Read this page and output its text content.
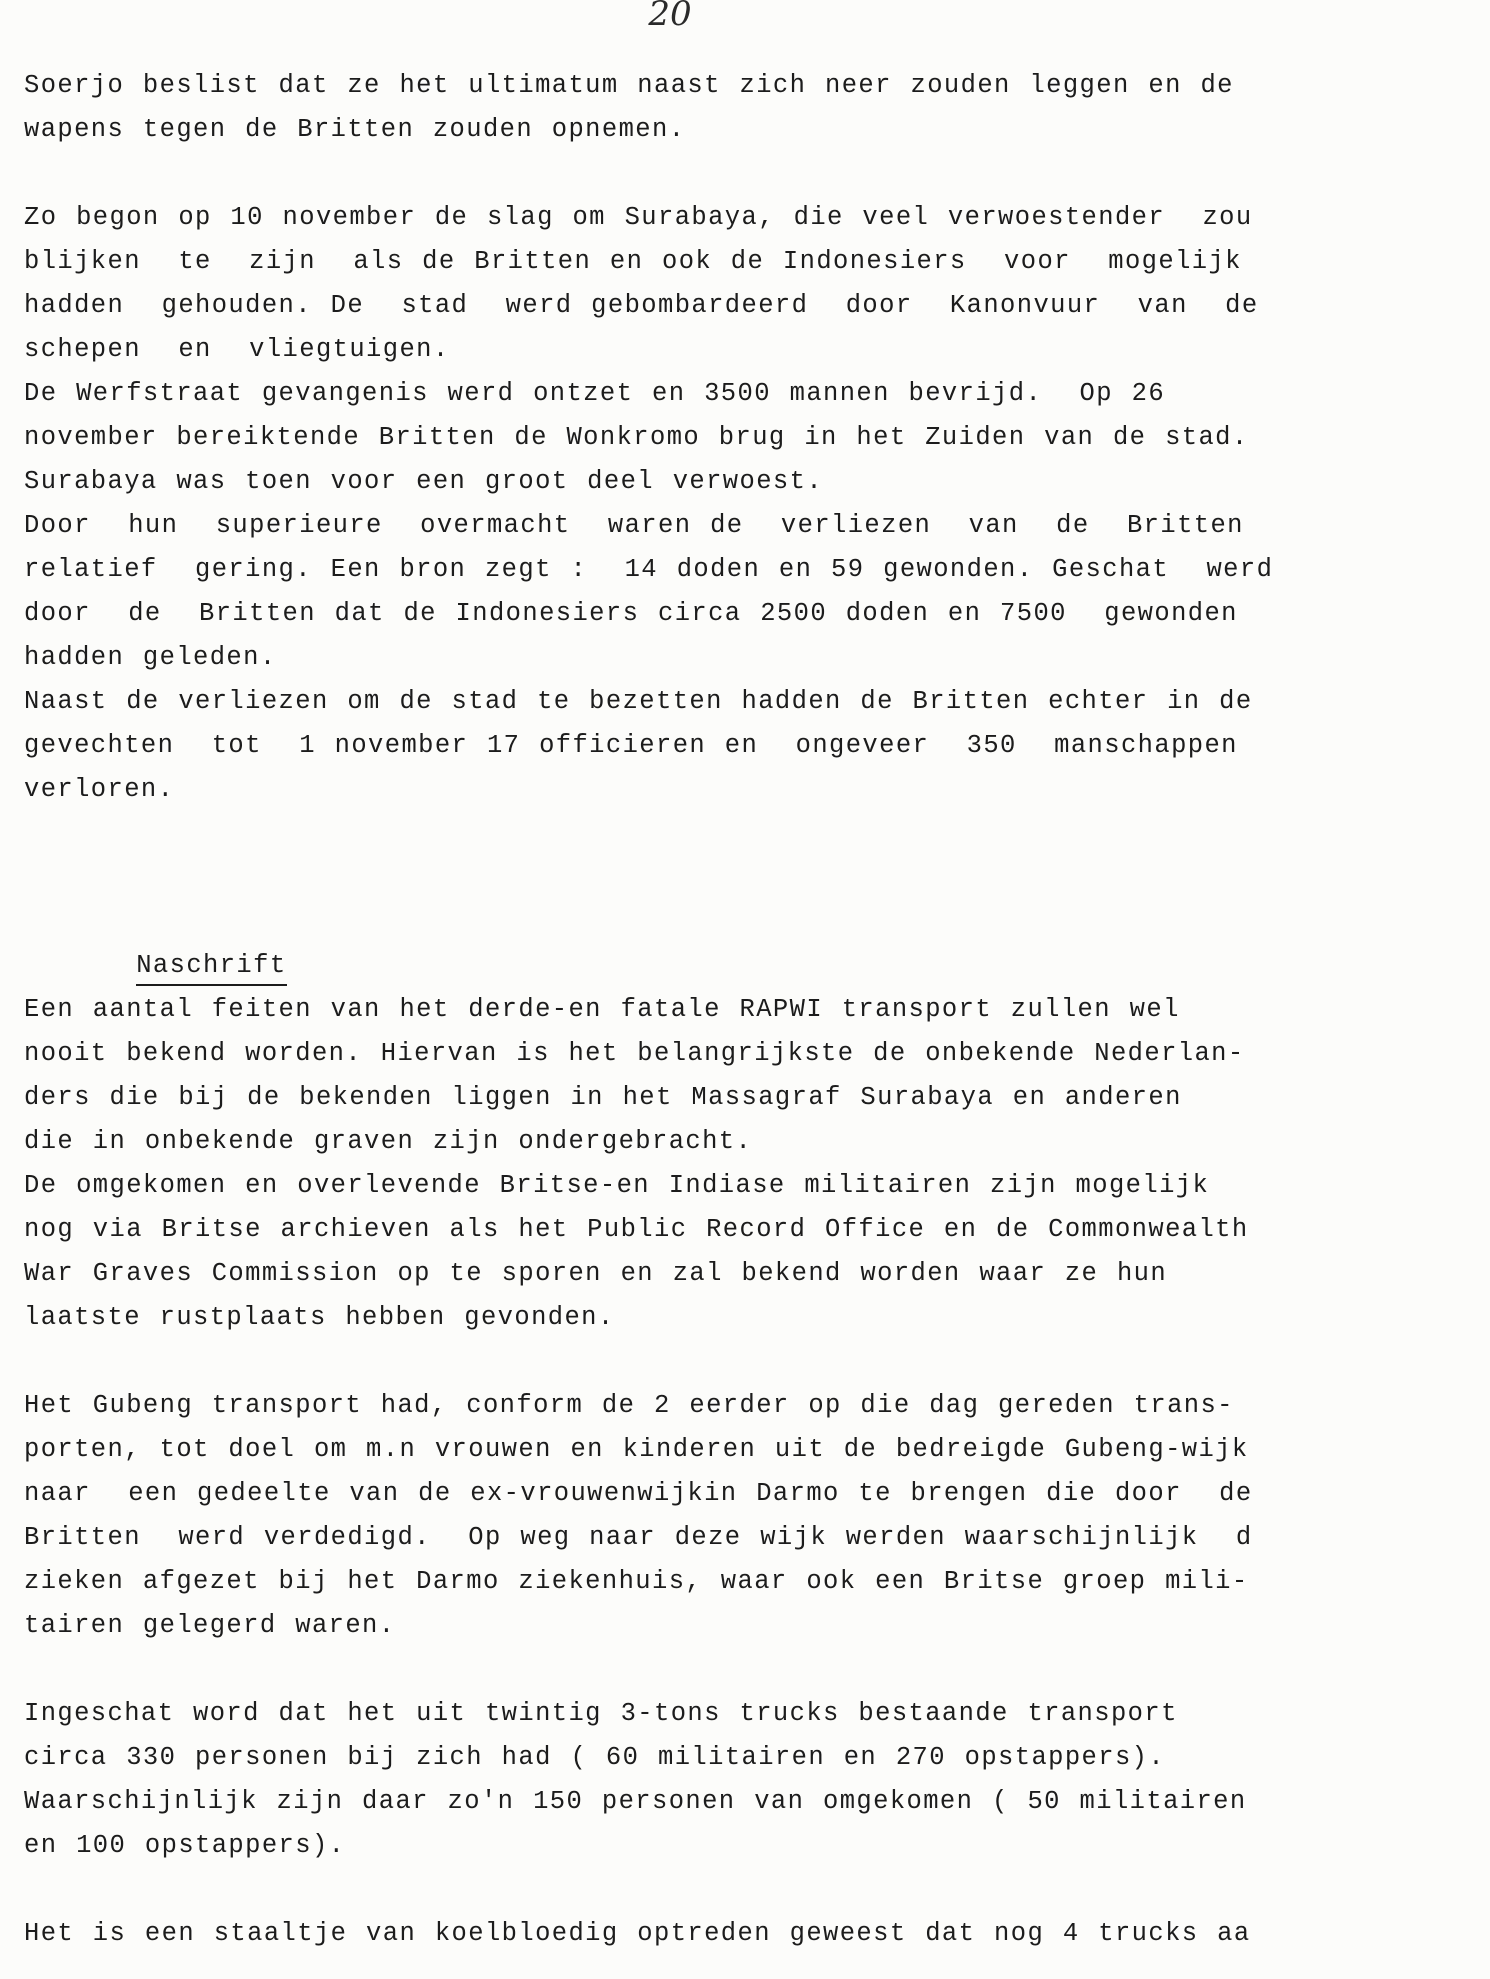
20
Soerjo beslist dat ze het ultimatum naast zich neer zouden leggen en de
wapens tegen de Britten zouden opnemen.
Zo begon op 10 november de slag om Surabaya, die veel verwoestender  zou
blijken  te  zijn  als de Britten en ook de Indonesiers  voor  mogelijk
hadden  gehouden. De  stad  werd gebombardeerd  door  Kanonvuur  van  de
schepen  en  vliegtuigen.
De Werfstraat gevangenis werd ontzet en 3500 mannen bevrijd.  Op 26
november bereiktende Britten de Wonkromo brug in het Zuiden van de stad.
Surabaya was toen voor een groot deel verwoest.
Door  hun  superieure  overmacht  waren de  verliezen  van  de  Britten
relatief  gering. Een bron zegt :  14 doden en 59 gewonden. Geschat  werd
door  de  Britten dat de Indonesiers circa 2500 doden en 7500  gewonden
hadden geleden.
Naast de verliezen om de stad te bezetten hadden de Britten echter in de
gevechten  tot  1 november 17 officieren en  ongeveer  350  manschappen
verloren.

Naschrift

Een aantal feiten van het derde-en fatale RAPWI transport zullen wel
nooit bekend worden. Hiervan is het belangrijkste de onbekende Nederlan-
ders die bij de bekenden liggen in het Massagraf Surabaya en anderen
die in onbekende graven zijn ondergebracht.
De omgekomen en overlevende Britse-en Indiase militairen zijn mogelijk
nog via Britse archieven als het Public Record Office en de Commonwealth
War Graves Commission op te sporen en zal bekend worden waar ze hun
laatste rustplaats hebben gevonden.
Het Gubeng transport had, conform de 2 eerder op die dag gereden trans-
porten, tot doel om m.n vrouwen en kinderen uit de bedreigde Gubeng-wijk
naar  een gedeelte van de ex-vrouwenwijkin Darmo te brengen die door  de
Britten  werd verdedigd.  Op weg naar deze wijk werden waarschijnlijk  d
zieken afgezet bij het Darmo ziekenhuis, waar ook een Britse groep mili-
tairen gelegerd waren.
Ingeschat word dat het uit twintig 3-tons trucks bestaande transport
circa 330 personen bij zich had ( 60 militairen en 270 opstappers).
Waarschijnlijk zijn daar zo'n 150 personen van omgekomen ( 50 militairen
en 100 opstappers).
Het is een staaltje van koelbloedig optreden geweest dat nog 4 trucks aa
